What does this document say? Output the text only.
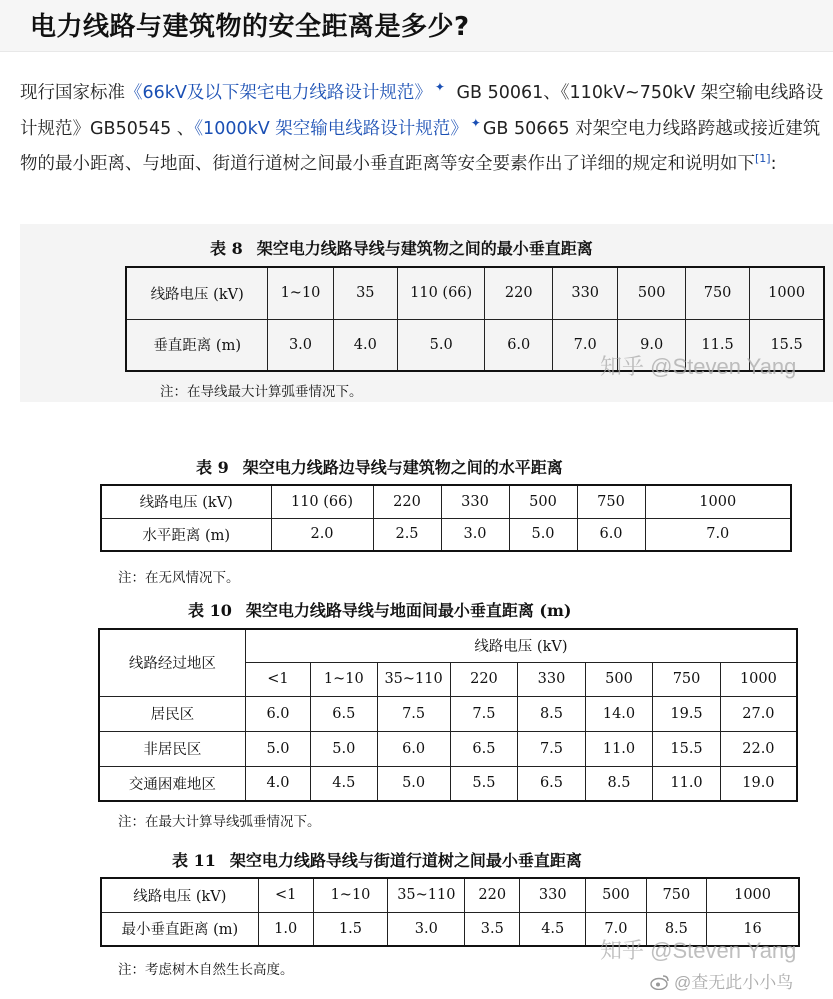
电力线路与建筑物的安全距离是多少?
现行国家标准《66kV及以下架宅电力线路设计规范》 ✦ GB 50061、《110kV~750kV 架空输电线路设计规范》GB50545 、《1000kV 架空输电线路设计规范》 ✦ GB 50665 对架空电力线路跨越或接近建筑物的最小距离、与地面、街道行道树之间最小垂直距离等安全要素作出了详细的规定和说明如下[1]:
表 8 架空电力线路导线与建筑物之间的最小垂直距离
线路电压 (kV)	1~10	35	110 (66)	220	330	500	750	1000
垂直距离 (m)	3.0	4.0	5.0	6.0	7.0	9.0	11.5	15.5
注：在导线最大计算弧垂情况下。
知乎 @Steven Yang
表 9 架空电力线路边导线与建筑物之间的水平距离
线路电压 (kV)	110 (66)	220	330	500	750	1000
水平距离 (m)	2.0	2.5	3.0	5.0	6.0	7.0
注：在无风情况下。
表 10 架空电力线路导线与地面间最小垂直距离 (m)
线路经过地区	线路电压 (kV)							
	<1	1~10	35~110	220	330	500	750	1000
居民区	6.0	6.5	7.5	7.5	8.5	14.0	19.5	27.0
非居民区	5.0	5.0	6.0	6.5	7.5	11.0	15.5	22.0
交通困难地区	4.0	4.5	5.0	5.5	6.5	8.5	11.0	19.0
注：在最大计算导线弧垂情况下。
表 11 架空电力线路导线与街道行道树之间最小垂直距离
线路电压 (kV)	<1	1~10	35~110	220	330	500	750	1000
最小垂直距离 (m)	1.0	1.5	3.0	3.5	4.5	7.0	8.5	16
注：考虑树木自然生长高度。
知乎 @Steven Yang
@查无此小小鸟
